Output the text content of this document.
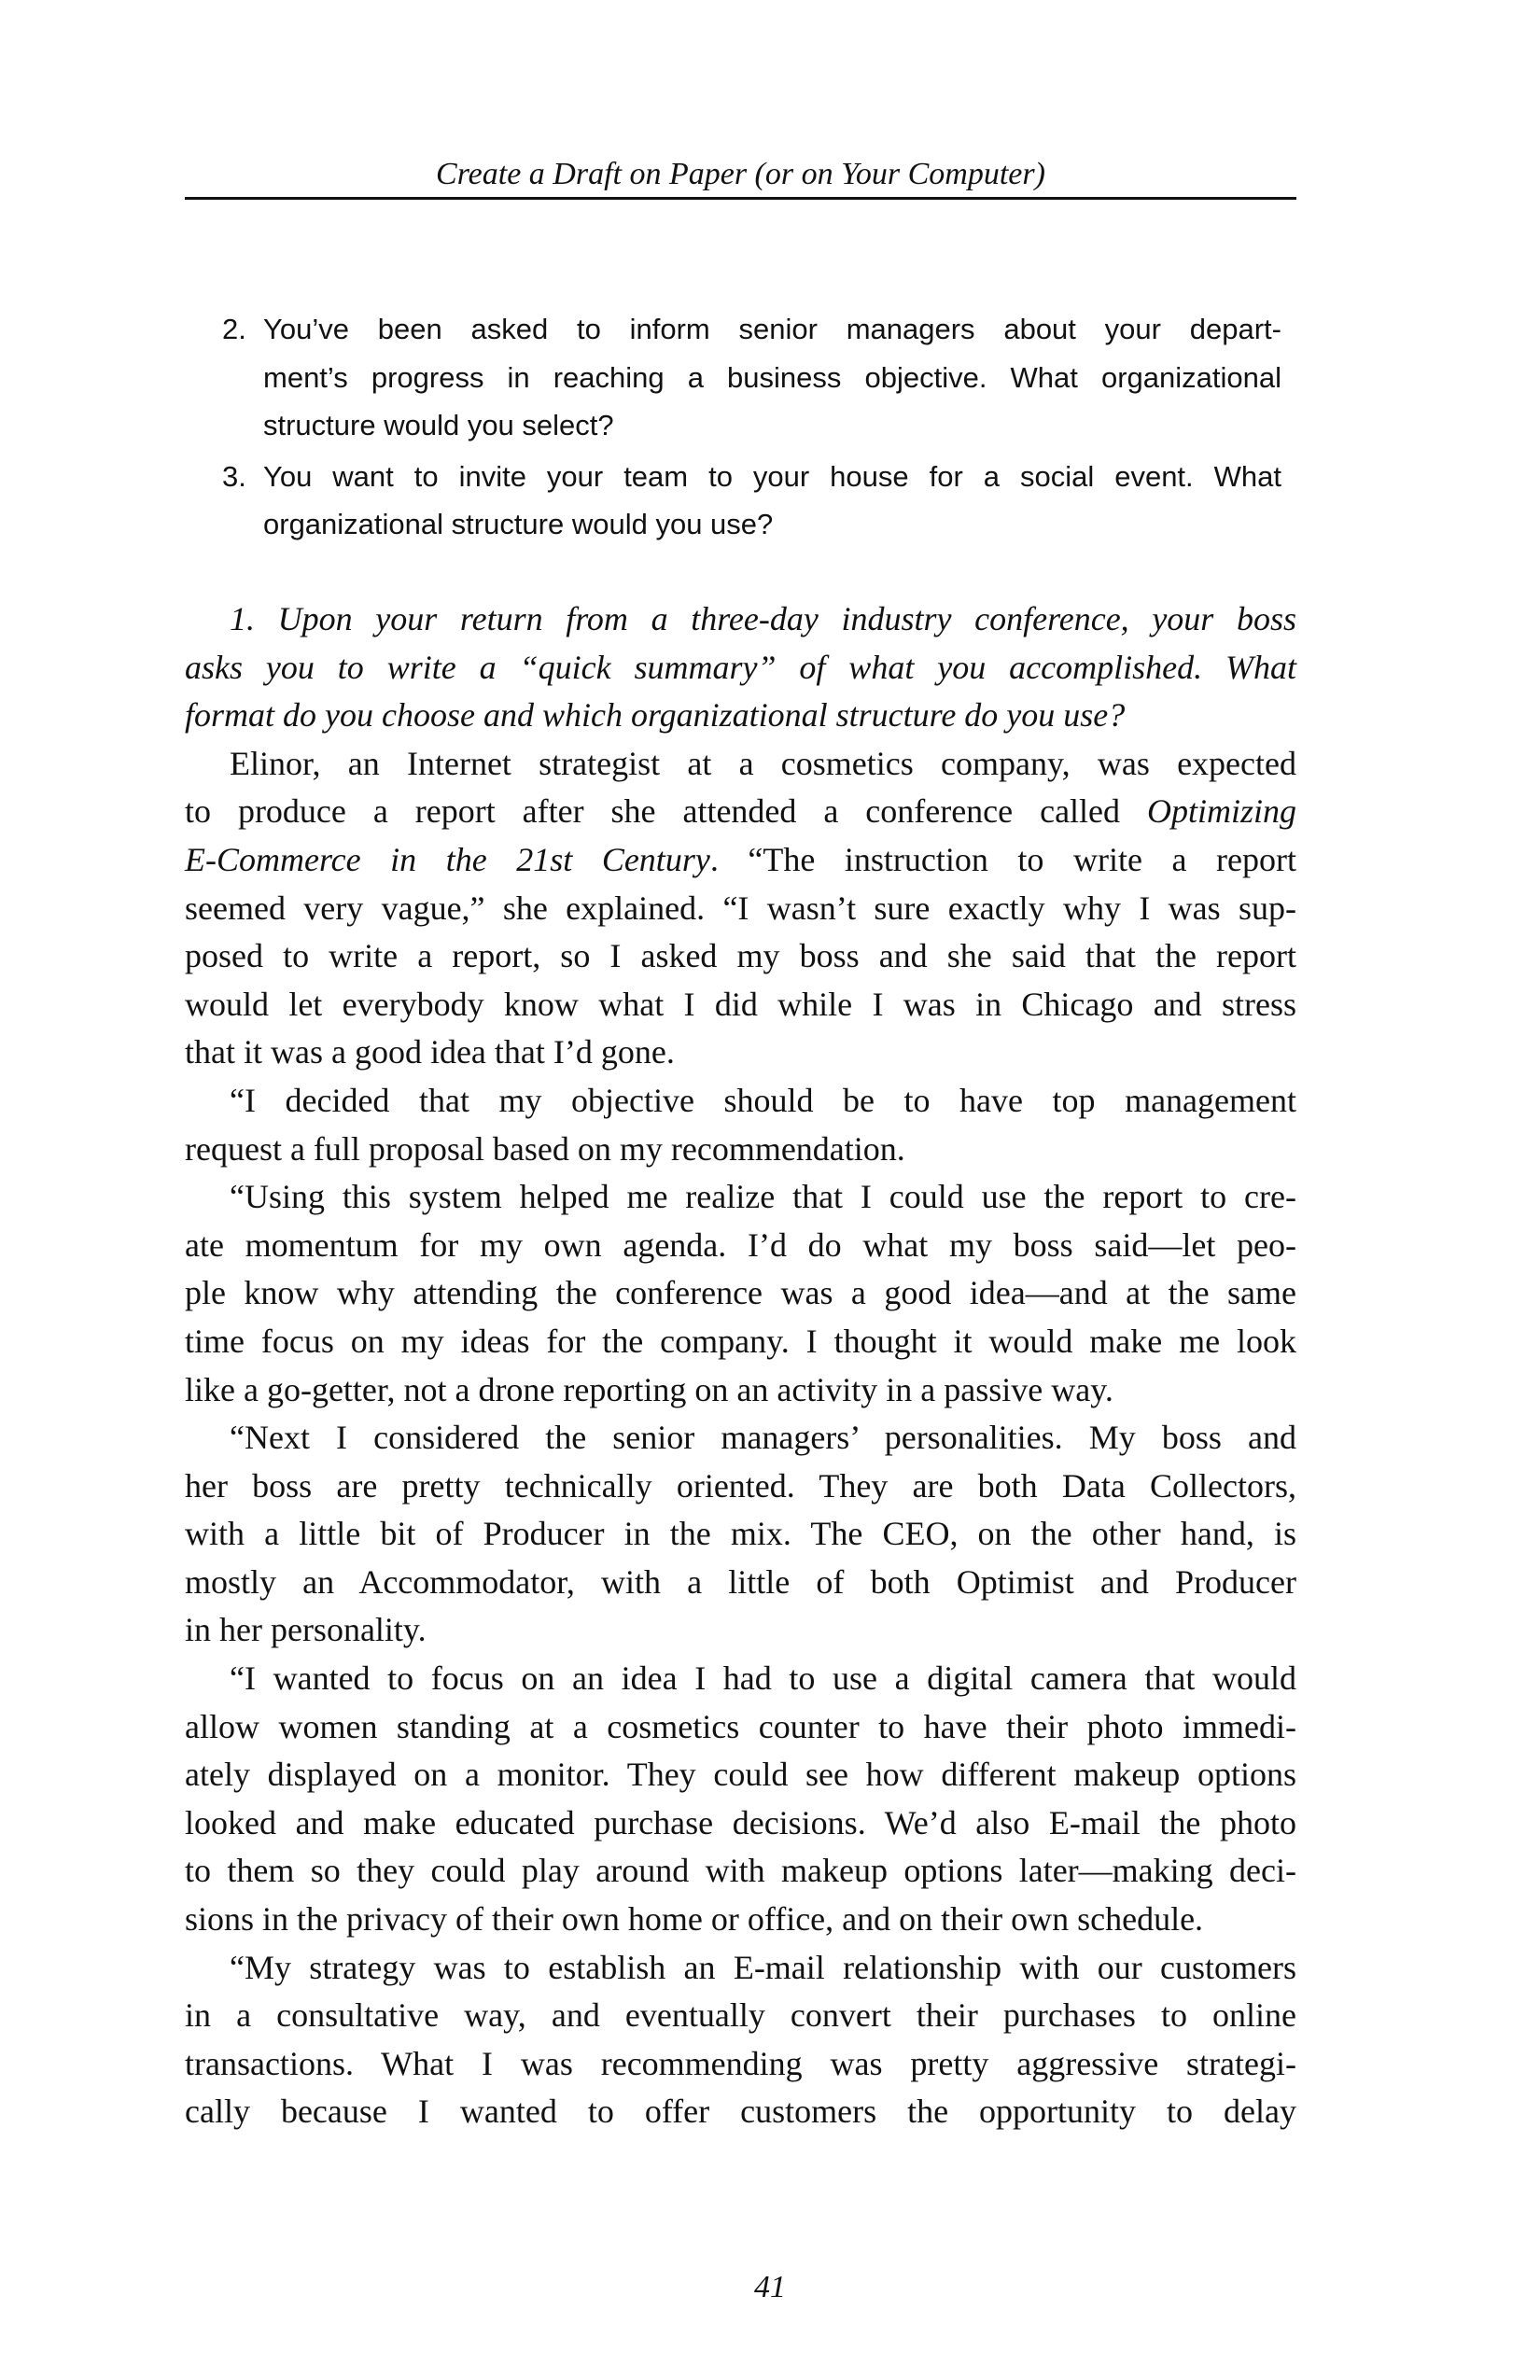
Create a Draft on Paper (or on Your Computer)
2. You’ve been asked to inform senior managers about your depart-
ment’s progress in reaching a business objective. What organizational
structure would you select?
3. You want to invite your team to your house for a social event. What
organizational structure would you use?
1. Upon your return from a three-day industry conference, your boss
asks you to write a “quick summary” of what you accomplished. What
format do you choose and which organizational structure do you use?
Elinor, an Internet strategist at a cosmetics company, was expected
to produce a report after she attended a conference called Optimizing
E-Commerce in the 21st Century. “The instruction to write a report
seemed very vague,” she explained. “I wasn’t sure exactly why I was sup-
posed to write a report, so I asked my boss and she said that the report
would let everybody know what I did while I was in Chicago and stress
that it was a good idea that I’d gone.
“I decided that my objective should be to have top management
request a full proposal based on my recommendation.
“Using this system helped me realize that I could use the report to cre-
ate momentum for my own agenda. I’d do what my boss said—let peo-
ple know why attending the conference was a good idea—and at the same
time focus on my ideas for the company. I thought it would make me look
like a go-getter, not a drone reporting on an activity in a passive way.
“Next I considered the senior managers’ personalities. My boss and
her boss are pretty technically oriented. They are both Data Collectors,
with a little bit of Producer in the mix. The CEO, on the other hand, is
mostly an Accommodator, with a little of both Optimist and Producer
in her personality.
“I wanted to focus on an idea I had to use a digital camera that would
allow women standing at a cosmetics counter to have their photo immedi-
ately displayed on a monitor. They could see how different makeup options
looked and make educated purchase decisions. We’d also E-mail the photo
to them so they could play around with makeup options later—making deci-
sions in the privacy of their own home or office, and on their own schedule.
“My strategy was to establish an E-mail relationship with our customers
in a consultative way, and eventually convert their purchases to online
transactions. What I was recommending was pretty aggressive strategi-
cally because I wanted to offer customers the opportunity to delay
41
